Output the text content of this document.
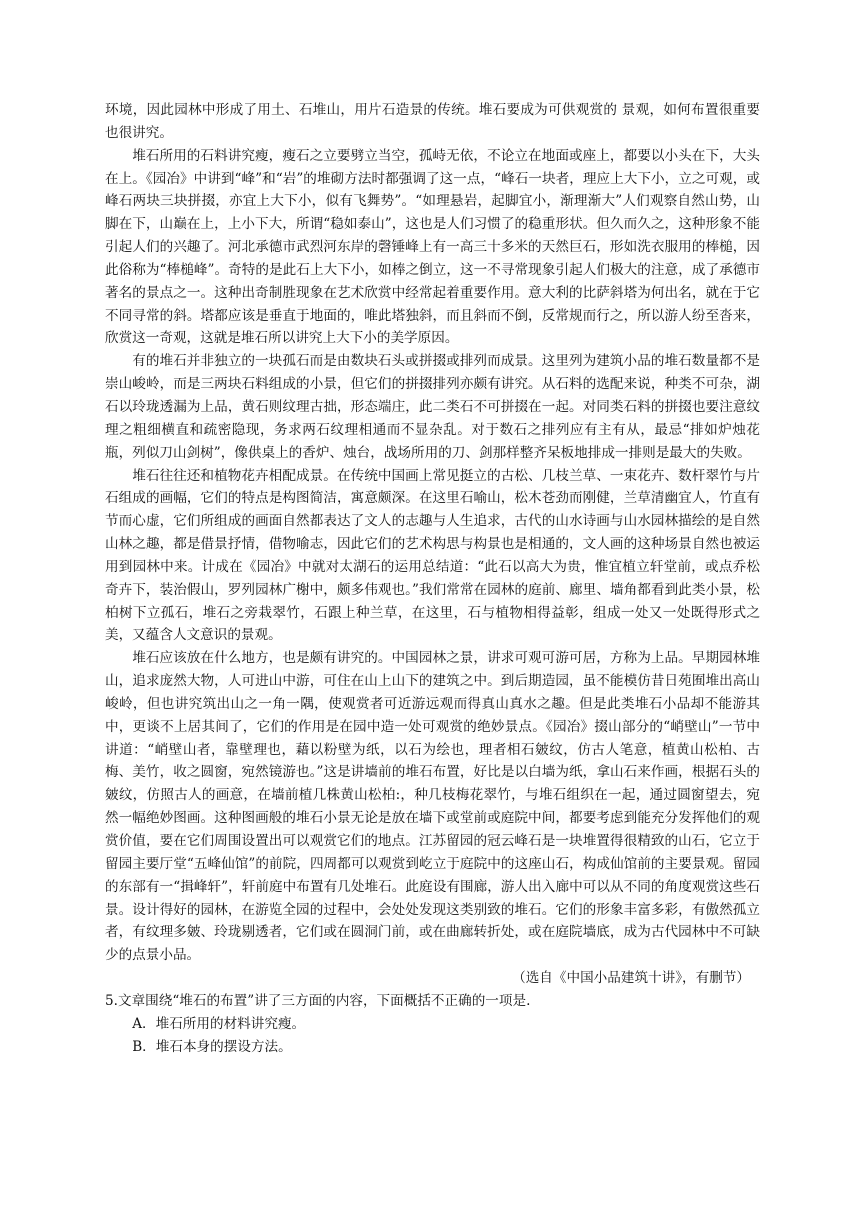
环境，因此园林中形成了用土、石堆山，用片石造景的传统。堆石要成为可供观赏的 景观，如何布置很重要也很讲究。

堆石所用的石料讲究瘦，瘦石之立要劈立当空，孤峙无依，不论立在地面或座上，都要以小头在下，大头在上。《园冶》中讲到“峰”和“岩”的堆砌方法时都强调了这一点，“峰石一块者，理应上大下小，立之可观，或峰石两块三块拼掇，亦宜上大下小，似有飞舞势”。“如理悬岩，起脚宜小，渐理渐大”人们观察自然山势，山脚在下，山巅在上，上小下大，所谓“稳如泰山”，这也是人们习惯了的稳重形状。但久而久之，这种形象不能引起人们的兴趣了。河北承德市武烈河东岸的磬锤峰上有一高三十多米的天然巨石，形如洗衣服用的棒槌，因此俗称为“棒槌峰”。奇特的是此石上大下小，如棒之倒立，这一不寻常现象引起人们极大的注意，成了承德市著名的景点之一。这种出奇制胜现象在艺术欣赏中经常起着重要作用。意大利的比萨斜塔为何出名，就在于它不同寻常的斜。塔都应该是垂直于地面的，唯此塔独斜，而且斜而不倒，反常规而行之，所以游人纷至沓来，欣赏这一奇观，这就是堆石所以讲究上大下小的美学原因。

有的堆石并非独立的一块孤石而是由数块石头或拼掇或排列而成景。这里列为建筑小品的堆石数量都不是崇山峻岭，而是三两块石料组成的小景，但它们的拼掇排列亦颇有讲究。从石料的选配来说，种类不可杂，湖石以玲珑透漏为上品，黄石则纹理古拙，形态端庄，此二类石不可拼掇在一起。对同类石料的拼掇也要注意纹理之粗细横直和疏密隐现，务求两石纹理相通而不显杂乱。对于数石之排列应有主有从，最忌“排如炉烛花瓶，列似刀山剑树”，像供桌上的香炉、烛台，战场所用的刀、剑那样整齐呆板地排成一排则是最大的失败。

堆石往往还和植物花卉相配成景。在传统中国画上常见挺立的古松、几枝兰草、一束花卉、数杆翠竹与片石组成的画幅，它们的特点是构图简洁，寓意颇深。在这里石喻山，松木苍劲而刚健，兰草清幽宜人，竹直有节而心虚，它们所组成的画面自然都表达了文人的志趣与人生追求，古代的山水诗画与山水园林描绘的是自然山林之趣，都是借景抒情，借物喻志，因此它们的艺术构思与构景也是相通的，文人画的这种场景自然也被运用到园林中来。计成在《园冶》中就对太湖石的运用总结道：“此石以高大为贵，惟宜植立轩堂前，或点乔松奇卉下，装治假山，罗列园林广榭中，颇多伟观也。”我们常常在园林的庭前、廊里、墙角都看到此类小景，松柏树下立孤石，堆石之旁栽翠竹，石跟上种兰草，在这里，石与植物相得益彰，组成一处又一处既得形式之美，又蕴含人文意识的景观。

堆石应该放在什么地方，也是颇有讲究的。中国园林之景，讲求可观可游可居，方称为上品。早期园林堆山，追求庞然大物，人可进山中游，可住在山上山下的建筑之中。到后期造园，虽不能模仿昔日苑囿堆出高山峻岭，但也讲究筑出山之一角一隅，使观赏者可近游远观而得真山真水之趣。但是此类堆石小品却不能游其中，更谈不上居其间了，它们的作用是在园中造一处可观赏的绝妙景点。《园冶》掇山部分的“峭壁山”一节中讲道：“峭壁山者，靠壁理也，藉以粉壁为纸，以石为绘也，理者相石皴纹，仿古人笔意，植黄山松柏、古梅、美竹，收之圆窗，宛然镜游也。”这是讲墙前的堆石布置，好比是以白墙为纸，拿山石来作画，根据石头的皴纹，仿照古人的画意，在墙前植几株黄山松柏:，种几枝梅花翠竹，与堆石组织在一起，通过圆窗望去，宛然一幅绝妙图画。这种图画般的堆石小景无论是放在墙下或堂前或庭院中间，都要考虑到能充分发挥他们的观赏价值，要在它们周围设置出可以观赏它们的地点。江苏留园的冠云峰石是一块堆置得很精致的山石，它立于留园主要厅堂“五峰仙馆”的前院，四周都可以观赏到屹立于庭院中的这座山石，构成仙馆前的主要景观。留园的东部有一“揖峰轩”，轩前庭中布置有几处堆石。此庭设有围廊，游人出入廊中可以从不同的角度观赏这些石景。设计得好的园林，在游览全园的过程中，会处处发现这类别致的堆石。它们的形象丰富多彩，有傲然孤立者，有纹理多皴、玲珑剔透者，它们或在圆洞门前，或在曲廊转折处，或在庭院墙底，成为古代园林中不可缺少的点景小品。

（选自《中国小品建筑十讲》，有删节）

5.文章围绕“堆石的布置”讲了三方面的内容，下面概括不正确的一项是.

A．堆石所用的材料讲究瘦。

B．堆石本身的摆设方法。
